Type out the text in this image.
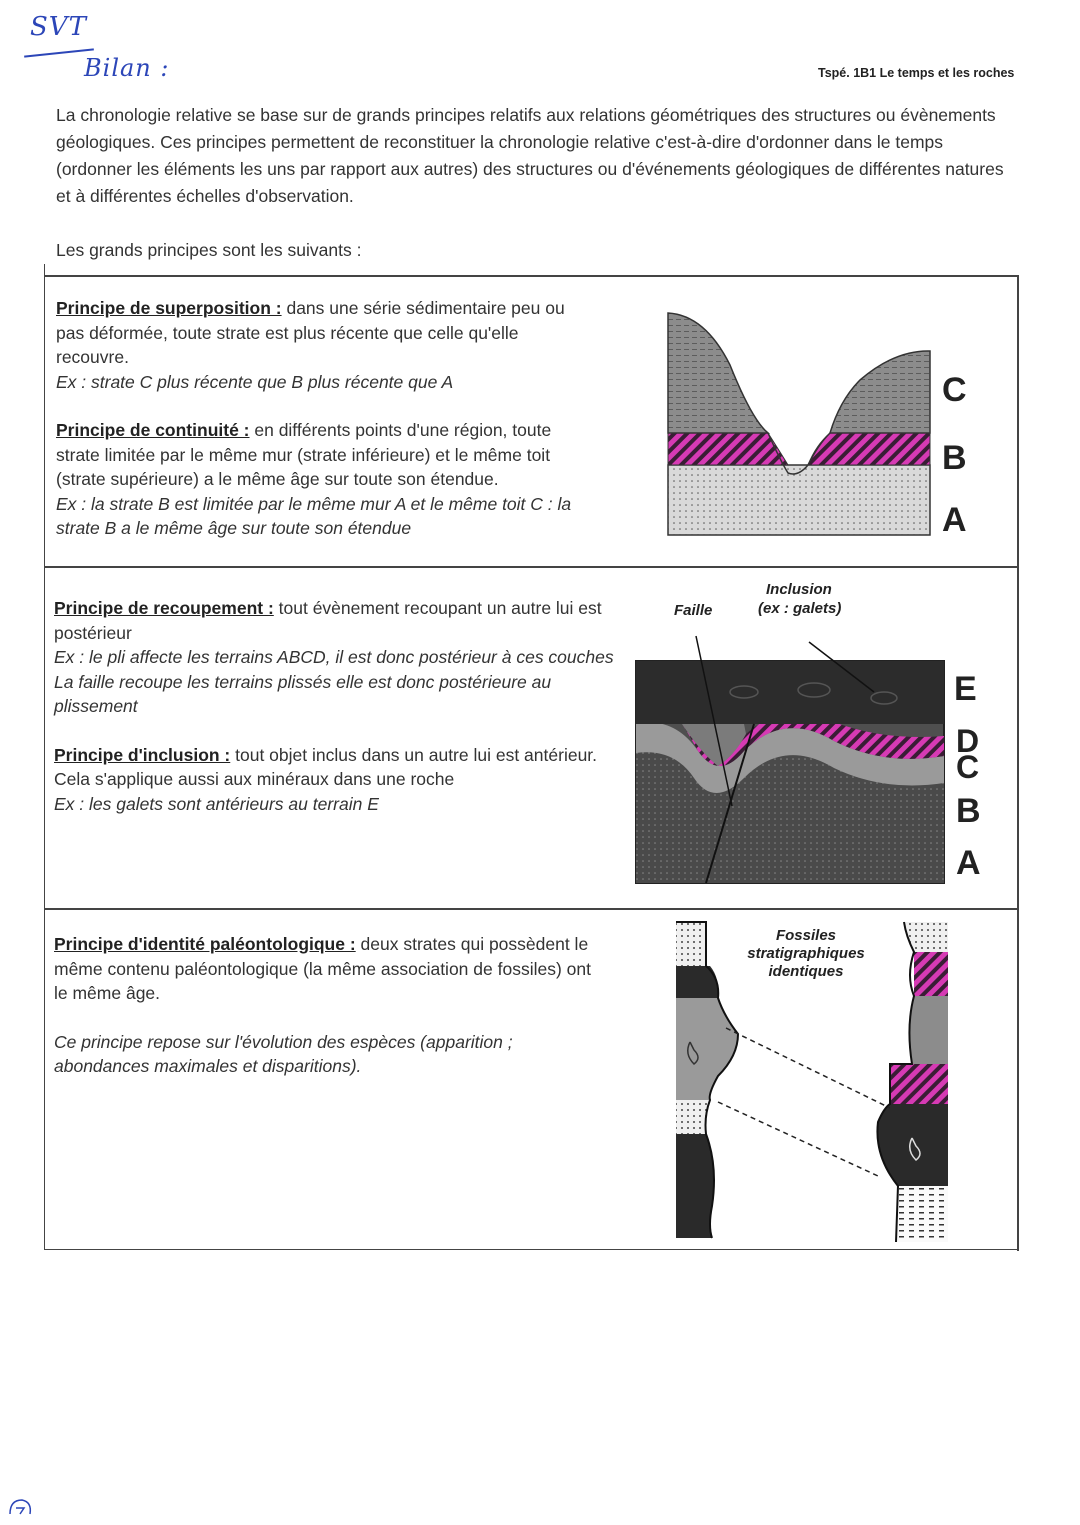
SVT
Bilan :	Tspé. 1B1 Le temps et les roches
La chronologie relative se base sur de grands principes relatifs aux relations géométriques des structures ou évènements géologiques. Ces principes permettent de reconstituer la chronologie relative c'est-à-dire d'ordonner dans le temps (ordonner les éléments les uns par rapport aux autres) des structures ou d'événements géologiques de différentes natures et à différentes échelles d'observation.
Les grands principes sont les suivants :

Principe de superposition : dans une série sédimentaire peu ou pas déformée, toute strate est plus récente que celle qu'elle recouvre.

Ex : strate C plus récente que B plus récente que A

Principe de continuité : en différents points d'une région, toute strate limitée par le même mur (strate inférieure) et le même toit (strate supérieure) a le même âge sur toute son étendue.

Ex : la strate B est limitée par le même mur A et le même toit C : la strate B a le même âge sur toute son étendue

Principe de recoupement : tout évènement recoupant un autre lui est postérieur

Ex : le pli affecte les terrains ABCD, il est donc postérieur à ces couches

La faille recoupe les terrains plissés elle est donc postérieure au plissement

Principe d'inclusion : tout objet inclus dans un autre lui est antérieur. Cela s'applique aussi aux minéraux dans une roche

Ex : les galets sont antérieurs au terrain E

Principe d'identité paléontologique : deux strates qui possèdent le même contenu paléontologique (la même association de fossiles) ont le même âge.

Ce principe repose sur l'évolution des espèces (apparition ; abondances maximales et disparitions).

C
B
A
Faille
Inclusion
(ex : galets)
E
D
C
B
A
Fossiles
stratigraphiques
identiques
